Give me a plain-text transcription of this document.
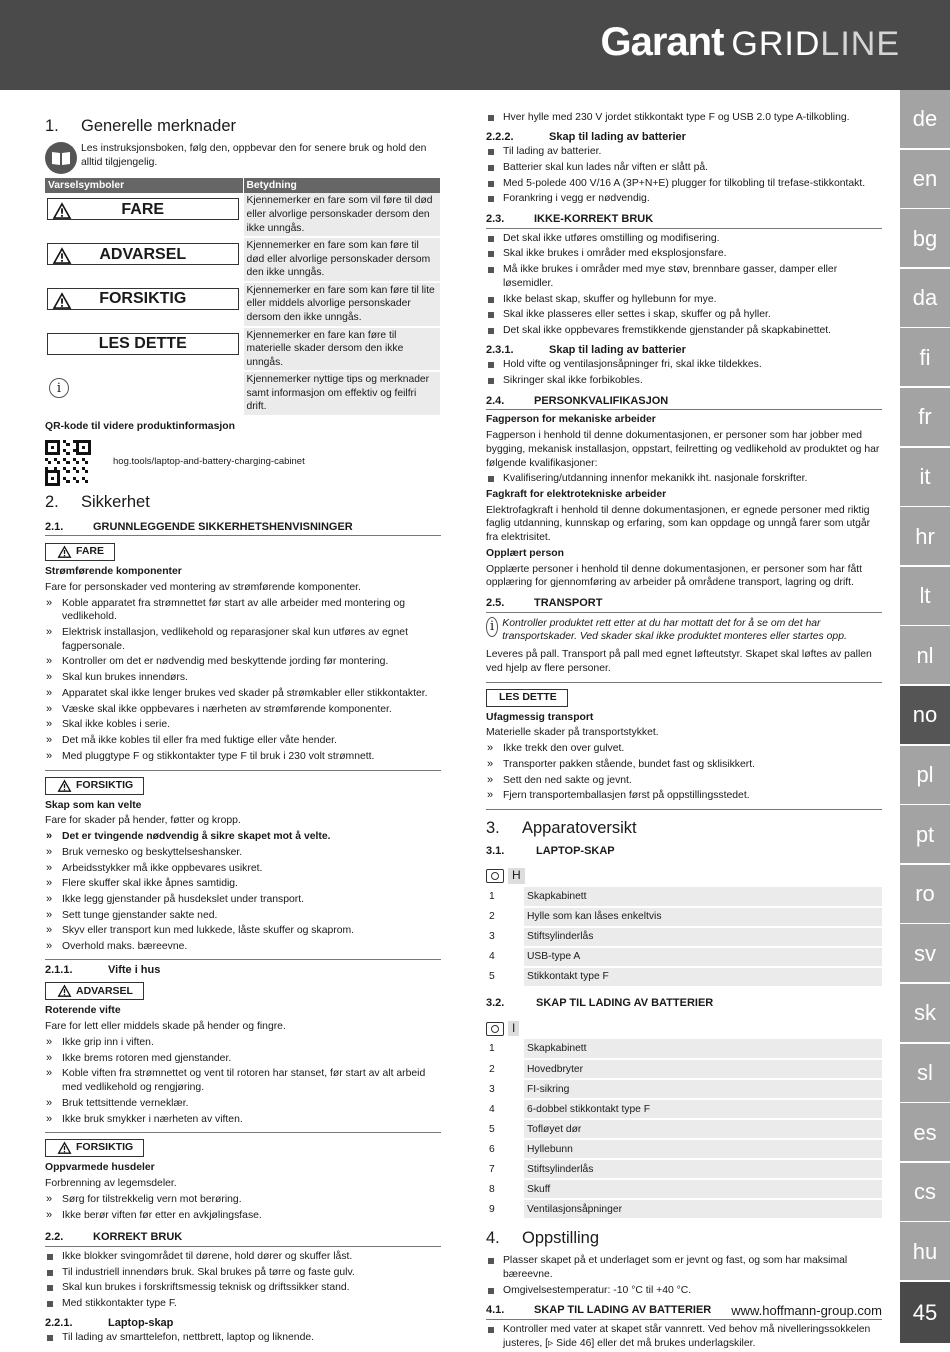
Garant GRIDLINE
de
en
bg
da
fi
fr
it
hr
lt
nl
no
pl
pt
ro
sv
sk
sl
es
cs
hu
45
www.hoffmann-group.com
1. Generelle merknader
Les instruksjonsboken, følg den, oppbevar den for senere bruk og hold den alltid tilgjengelig.
Varselsymboler	Betydning

FARE	Kjennemerker en fare som vil føre til død eller alvorlige personskader dersom den ikke unngås.

ADVARSEL	Kjennemerker en fare som kan føre til død eller alvorlige personskader dersom den ikke unngås.

FORSIKTIG	Kjennemerker en fare som kan føre til lite eller middels alvorlige personskader dersom den ikke unngås.

LES DETTE	Kjennemerker en fare kan føre til materielle skader dersom den ikke unngås.
i	Kjennemerker nyttige tips og merknader samt informasjon om effektiv og feilfri drift.

QR-kode til videre produktinformasjon

hog.tools/laptop-and-battery-charging-cabinet
2. Sikkerhet
2.1.	GRUNNLEGGENDE SIKKERHETSHENVISNINGER
FARE

Strømførende komponenter

Fare for personskader ved montering av strømførende komponenter.

» Koble apparatet fra strømnettet før start av alle arbeider med montering og vedlikehold.
» Elektrisk installasjon, vedlikehold og reparasjoner skal kun utføres av egnet fagpersonale.
» Kontroller om det er nødvendig med beskyttende jording før montering.
» Skal kun brukes innendørs.
» Apparatet skal ikke lenger brukes ved skader på strømkabler eller stikkontakter.
» Væske skal ikke oppbevares i nærheten av strømførende komponenter.
» Skal ikke kobles i serie.
» Det må ikke kobles til eller fra med fuktige eller våte hender.
» Med pluggtype F og stikkontakter type F til bruk i 230 volt strømnett.
FORSIKTIG

Skap som kan velte

Fare for skader på hender, føtter og kropp.

» Det er tvingende nødvendig å sikre skapet mot å velte.
» Bruk vernesko og beskyttelseshansker.
» Arbeidsstykker må ikke oppbevares usikret.
» Flere skuffer skal ikke åpnes samtidig.
» Ikke legg gjenstander på husdekslet under transport.
» Sett tunge gjenstander sakte ned.
» Skyv eller transport kun med lukkede, låste skuffer og skaprom.
» Overhold maks. bæreevne.
2.1.1.	Vifte i hus
ADVARSEL

Roterende vifte

Fare for lett eller middels skade på hender og fingre.

» Ikke grip inn i viften.
» Ikke brems rotoren med gjenstander.
» Koble viften fra strømnettet og vent til rotoren har stanset, før start av alt arbeid med vedlikehold og rengjøring.
» Bruk tettsittende verneklær.
» Ikke bruk smykker i nærheten av viften.
FORSIKTIG

Oppvarmede husdeler

Forbrenning av legemsdeler.

» Sørg for tilstrekkelig vern mot berøring.
» Ikke berør viften før etter en avkjølingsfase.
2.2.	KORREKT BRUK
Ikke blokker svingområdet til dørene, hold dører og skuffer låst.
Til industriell innendørs bruk. Skal brukes på tørre og faste gulv.
Skal kun brukes i forskriftsmessig teknisk og driftssikker stand.
Med stikkontakter type F.
2.2.1.	Laptop-skap
Til lading av smarttelefon, nettbrett, laptop og liknende.
Hver hylle med 230 V jordet stikkontakt type F og USB 2.0 type A-tilkobling.
2.2.2.	Skap til lading av batterier
Til lading av batterier.
Batterier skal kun lades når viften er slått på.
Med 5-polede 400 V/16 A (3P+N+E) plugger for tilkobling til trefase-stikkontakt.
Forankring i vegg er nødvendig.
2.3.	IKKE-KORREKT BRUK
Det skal ikke utføres omstilling og modifisering.
Skal ikke brukes i områder med eksplosjonsfare.
Må ikke brukes i områder med mye støv, brennbare gasser, damper eller løsemidler.
Ikke belast skap, skuffer og hyllebunn for mye.
Skal ikke plasseres eller settes i skap, skuffer og på hyller.
Det skal ikke oppbevares fremstikkende gjenstander på skapkabinettet.
2.3.1.	Skap til lading av batterier
Hold vifte og ventilasjonsåpninger fri, skal ikke tildekkes.
Sikringer skal ikke forbikobles.
2.4.	PERSONKVALIFIKASJON

Fagperson for mekaniske arbeider

Fagperson i henhold til denne dokumentasjonen, er personer som har jobber med bygging, mekanisk installasjon, oppstart, feilretting og vedlikehold av produktet og har følgende kvalifikasjoner:

Kvalifisering/utdanning innenfor mekanikk iht. nasjonale forskrifter.

Fagkraft for elektrotekniske arbeider

Elektrofagkraft i henhold til denne dokumentasjonen, er egnede personer med riktig faglig utdanning, kunnskap og erfaring, som kan oppdage og unngå farer som utgår fra elektrisitet.

Opplært person

Opplærte personer i henhold til denne dokumentasjonen, er personer som har fått opplæring for gjennomføring av arbeider på områdene transport, lagring og drift.

2.5.	TRANSPORT
i Kontroller produktet rett etter at du har mottatt det for å se om det har transportskader. Ved skader skal ikke produktet monteres eller startes opp.

Leveres på pall. Transport på pall med egnet løfteutstyr. Skapet skal løftes av pallen ved hjelp av flere personer.

LES DETTE

Ufagmessig transport

Materielle skader på transportstykket.

» Ikke trekk den over gulvet.
» Transporter pakken stående, bundet fast og sklisikkert.
» Sett den ned sakte og jevnt.
» Fjern transportemballasjen først på oppstillingsstedet.
3. Apparatoversikt
3.1.	LAPTOP-SKAP
H
1	Skapkabinett
2	Hylle som kan låses enkeltvis
3	Stiftsylinderlås
4	USB-type A
5	Stikkontakt type F
3.2.	SKAP TIL LADING AV BATTERIER
I
1	Skapkabinett
2	Hovedbryter
3	FI-sikring
4	6-dobbel stikkontakt type F
5	Tofløyet dør
6	Hyllebunn
7	Stiftsylinderlås
8	Skuff
9	Ventilasjonsåpninger
4. Oppstilling
Plasser skapet på et underlaget som er jevnt og fast, og som har maksimal bæreevne.
Omgivelsestemperatur: -10 °C til +40 °C.
4.1.	SKAP TIL LADING AV BATTERIER
Kontroller med vater at skapet står vannrett. Ved behov må nivelleringssokkelen justeres, [▹ Side 46] eller det må brukes underlagskiler.
